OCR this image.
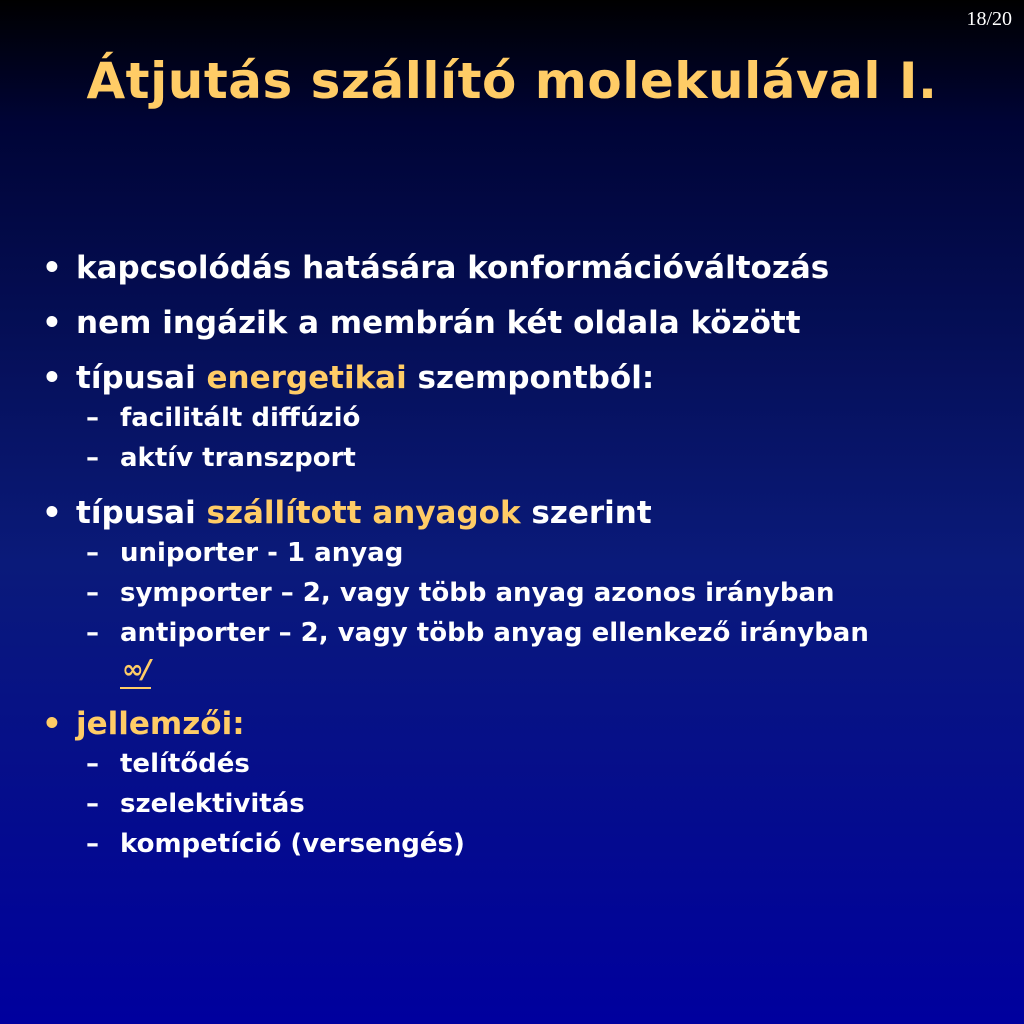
18/20
Átjutás szállító molekulával I.
• kapcsolódás hatására konformációváltozás
• nem ingázik a membrán két oldala között
• típusai energetikai szempontból:
– facilitált diffúzió
– aktív transzport
• típusai szállított anyagok szerint
– uniporter - 1 anyag
– symporter – 2, vagy több anyag azonos irányban
– antiporter – 2, vagy több anyag ellenkező irányban
∞∕
• jellemzői:
– telítődés
– szelektivitás
– kompetíció (versengés)
